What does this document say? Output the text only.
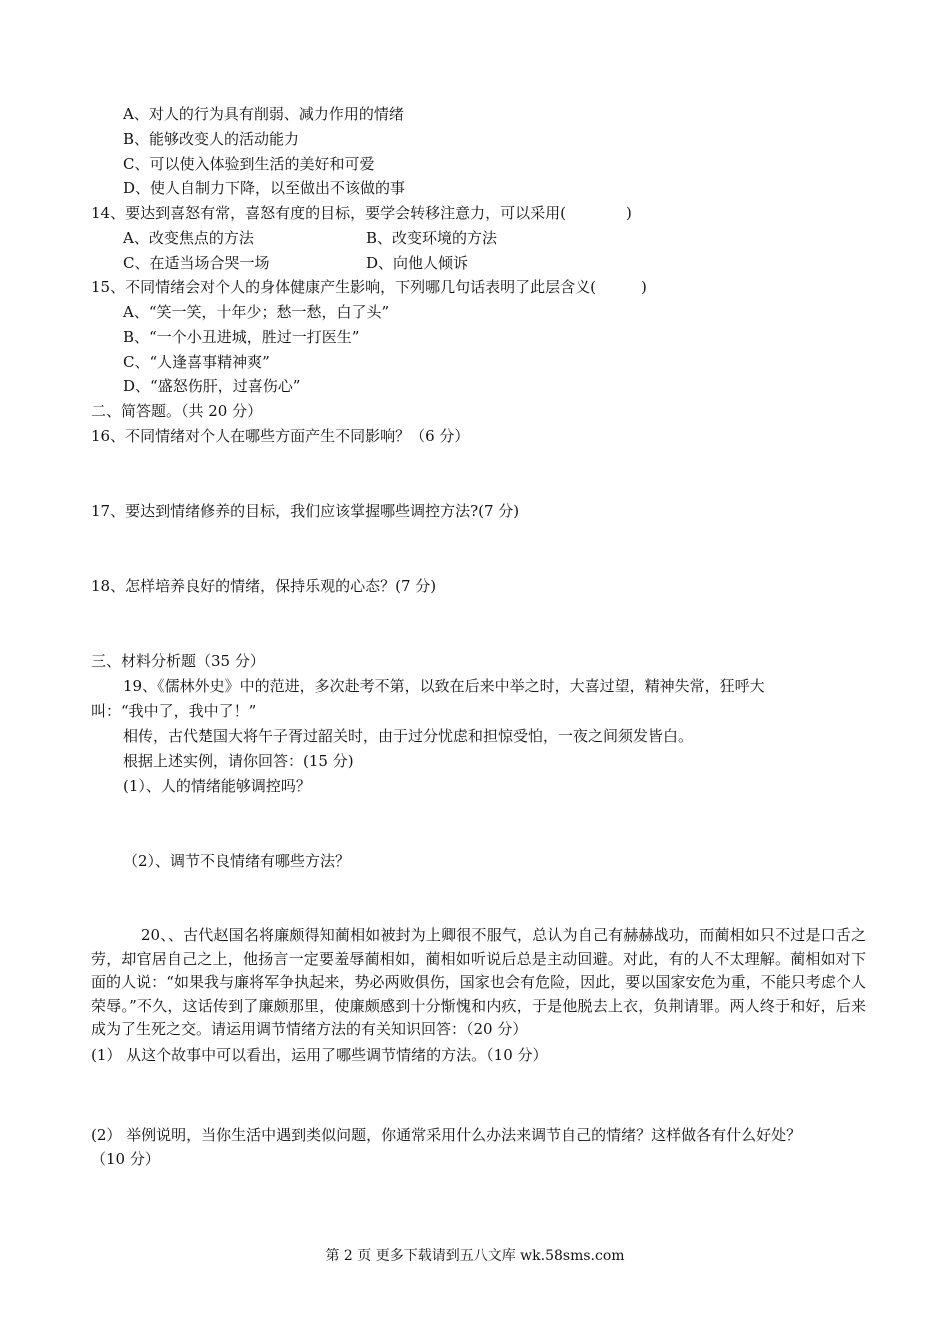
A、对人的行为具有削弱、减力作用的情绪
B、能够改变人的活动能力
C、可以使入体验到生活的美好和可爱
D、使人自制力下降，以至做出不该做的事
14、要达到喜怒有常，喜怒有度的目标，要学会转移注意力，可以采用(　　　　)
A、改变焦点的方法	B、改变环境的方法
C、在适当场合哭一场	D、向他人倾诉
15、不同情绪会对个人的身体健康产生影响，下列哪几句话表明了此层含义(　　　)
A、“笑一笑，十年少；愁一愁，白了头”
B、“一个小丑进城，胜过一打医生”
C、“人逢喜事精神爽”
D、“盛怒伤肝，过喜伤心”
二、简答题。（共 20 分）
16、不同情绪对个人在哪些方面产生不同影响？（6 分）
17、要达到情绪修养的目标，我们应该掌握哪些调控方法?(7 分)
18、怎样培养良好的情绪，保持乐观的心态？(7 分)
三、材料分析题（35 分）
19、《儒林外史》中的范进，多次赴考不第，以致在后来中举之时，大喜过望，精神失常，狂呼大
叫：“我中了，我中了！”
相传，古代楚国大将午子胥过韶关时，由于过分忧虑和担惊受怕，一夜之间须发皆白。
根据上述实例，请你回答：(15 分)
(1）、人的情绪能够调控吗？
（2）、调节不良情绪有哪些方法？
20、、古代赵国名将廉颇得知蔺相如被封为上卿很不服气，总认为自己有赫赫战功，而蔺相如只不过是口舌之劳，却官居自己之上，他扬言一定要羞辱蔺相如，蔺相如听说后总是主动回避。对此，有的人不太理解。蔺相如对下面的人说：“如果我与廉将军争执起来，势必两败俱伤，国家也会有危险，因此，要以国家安危为重，不能只考虑个人荣辱。”不久，这话传到了廉颇那里，使廉颇感到十分惭愧和内疚，于是他脱去上衣，负荆请罪。两人终于和好，后来成为了生死之交。请运用调节情绪方法的有关知识回答：（20 分）
(1） 从这个故事中可以看出，运用了哪些调节情绪的方法。（10 分）
(2） 举例说明，当你生活中遇到类似问题，你通常采用什么办法来调节自己的情绪？这样做各有什么好处？
（10 分）
第 2 页 更多下载请到五八文库 wk.58sms.com
